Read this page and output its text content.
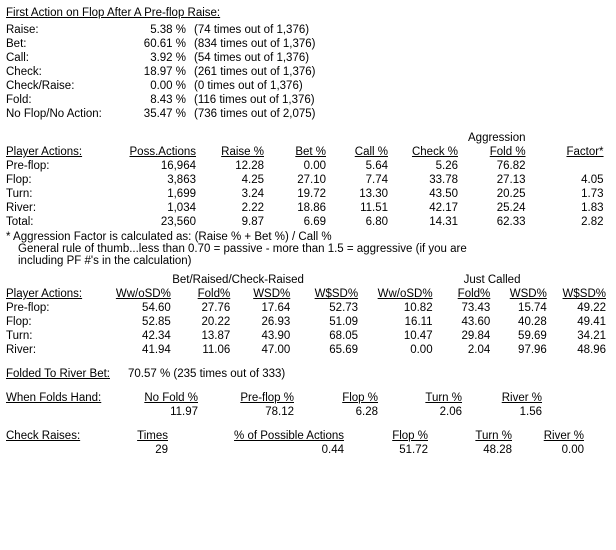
First Action on Flop After A Pre-flop Raise:
Raise:	5.38 %	(74 times out of 1,376)
Bet:	60.61 %	(834 times out of 1,376)
Call:	3.92 %	(54 times out of 1,376)
Check:	18.97 %	(261 times out of 1,376)
Check/Raise:	0.00 %	(0 times out of 1,376)
Fold:	8.43 %	(116 times out of 1,376)
No Flop/No Action:	35.47 %	(736 times out of 2,075)
						Aggression	
Player Actions:	Poss.Actions	Raise %	Bet %	Call %	Check %	Fold %	Factor*
Pre-flop:	16,964	12.28	0.00	5.64	5.26	76.82	
Flop:	3,863	4.25	27.10	7.74	33.78	27.13	4.05
Turn:	1,699	3.24	19.72	13.30	43.50	20.25	1.73
River:	1,034	2.22	18.86	11.51	42.17	25.24	1.83
Total:	23,560	9.87	6.69	6.80	14.31	62.33	2.82
* Aggression Factor is calculated as: (Raise % + Bet %) / Call %
General rule of thumb...less than 0.70 = passive - more than 1.5 = aggressive (if you are
including PF #'s in the calculation)
	Bet/Raised/Check-Raised				Just Called			
Player Actions:	Ww/oSD%	Fold%	WSD%	W$SD%	Ww/oSD%	Fold%	WSD%	W$SD%
Pre-flop:	54.60	27.76	17.64	52.73	10.82	73.43	15.74	49.22
Flop:	52.85	20.22	26.93	51.09	16.11	43.60	40.28	49.41
Turn:	42.34	13.87	43.90	68.05	10.47	29.84	59.69	34.21
River:	41.94	11.06	47.00	65.69	0.00	2.04	97.96	48.96
Folded To River Bet:	70.57 % (235 times out of 333)
When Folds Hand:	No Fold %	Pre-flop %	Flop %	Turn %	River %
	11.97	78.12	6.28	2.06	1.56
Check Raises:	Times	% of Possible Actions	Flop %	Turn %	River %
	29	0.44	51.72	48.28	0.00
